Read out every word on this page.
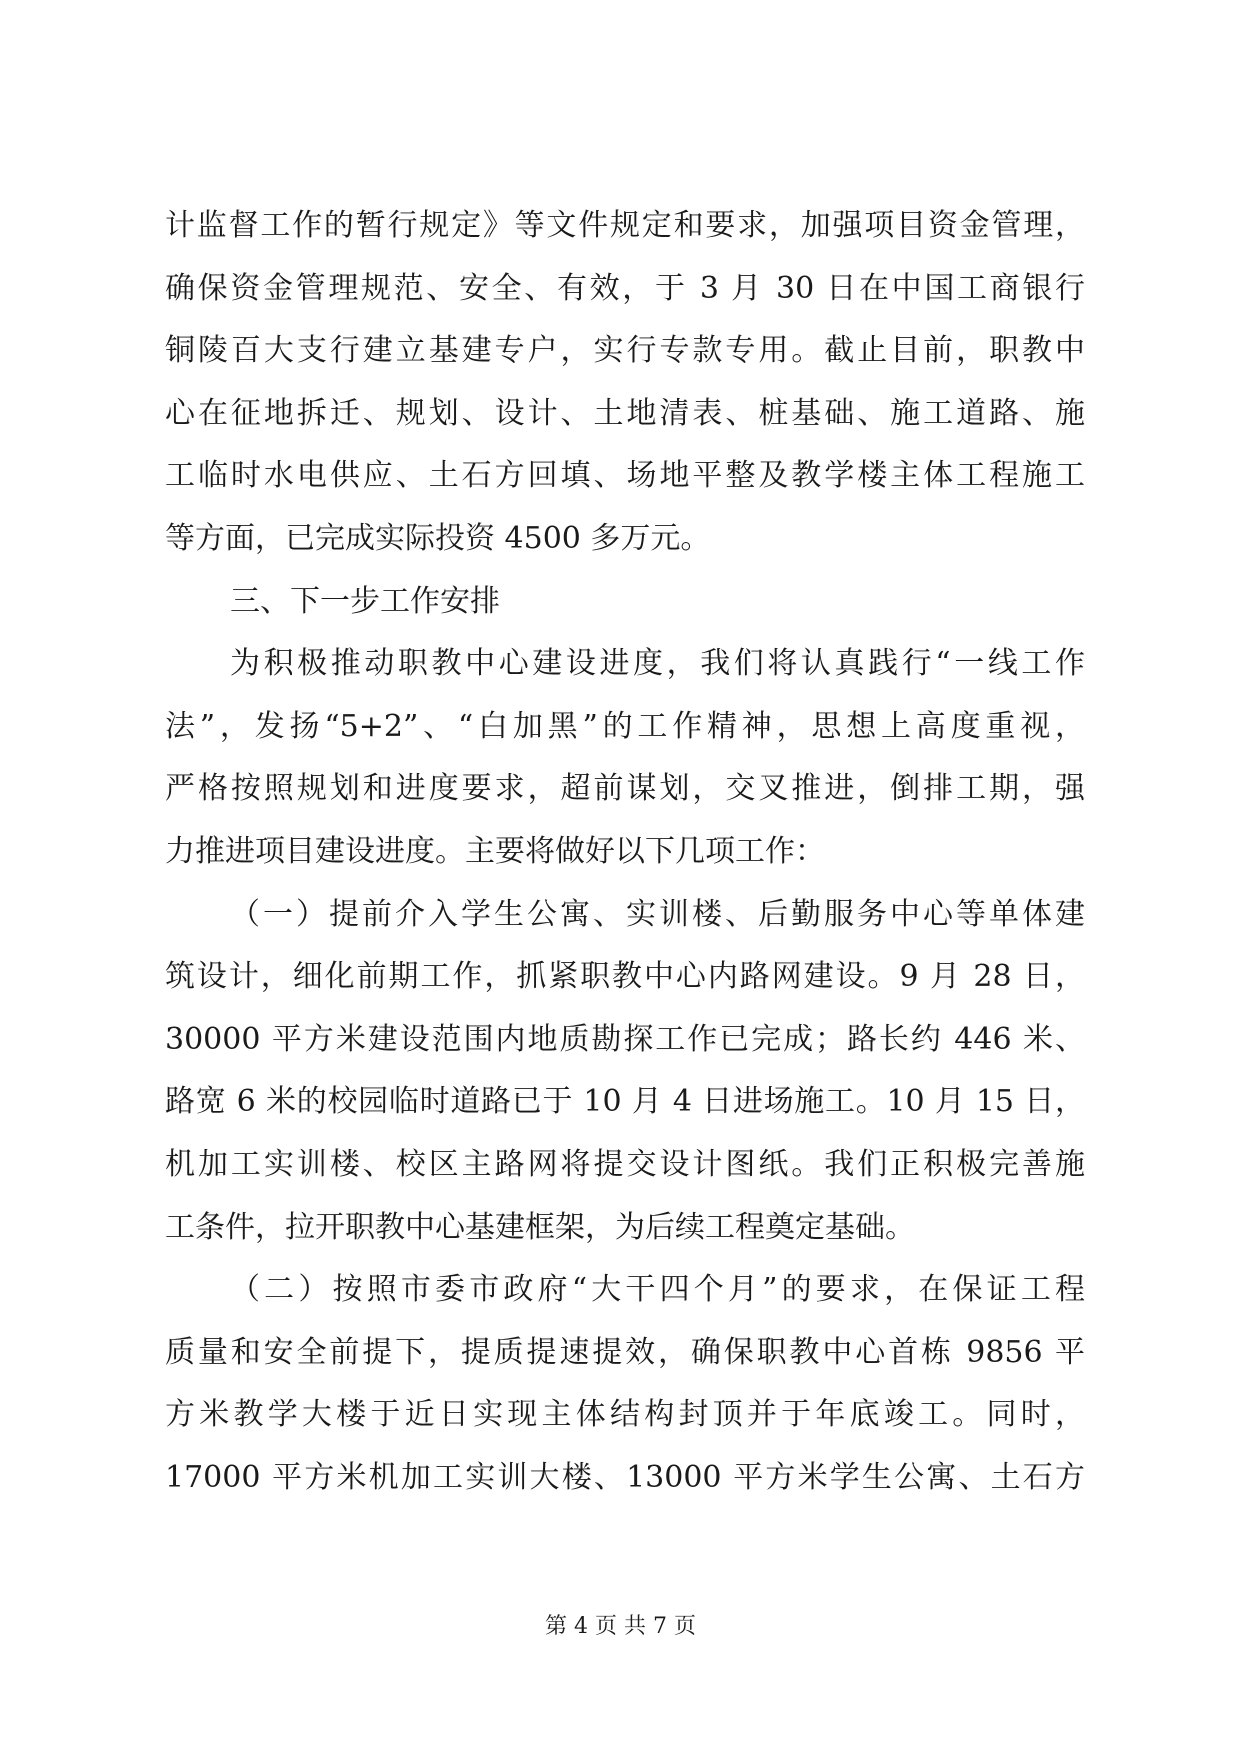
计监督工作的暂行规定》等文件规定和要求，加强项目资金管理，
确保资金管理规范、安全、有效，于 3 月 30 日在中国工商银行
铜陵百大支行建立基建专户，实行专款专用。截止目前，职教中
心在征地拆迁、规划、设计、土地清表、桩基础、施工道路、施
工临时水电供应、土石方回填、场地平整及教学楼主体工程施工
等方面，已完成实际投资 4500 多万元。
三、下一步工作安排
为积极推动职教中心建设进度，我们将认真践行“一线工作
法”，发扬“5+2”、“白加黑”的工作精神，思想上高度重视，
严格按照规划和进度要求，超前谋划，交叉推进，倒排工期，强
力推进项目建设进度。主要将做好以下几项工作：
（一）提前介入学生公寓、实训楼、后勤服务中心等单体建
筑设计，细化前期工作，抓紧职教中心内路网建设。9 月 28 日，
30000 平方米建设范围内地质勘探工作已完成；路长约 446 米、
路宽 6 米的校园临时道路已于 10 月 4 日进场施工。10 月 15 日，
机加工实训楼、校区主路网将提交设计图纸。我们正积极完善施
工条件，拉开职教中心基建框架，为后续工程奠定基础。
（二）按照市委市政府“大干四个月”的要求，在保证工程
质量和安全前提下，提质提速提效，确保职教中心首栋 9856 平
方米教学大楼于近日实现主体结构封顶并于年底竣工。同时，
17000 平方米机加工实训大楼、13000 平方米学生公寓、土石方
第 4 页 共 7 页
